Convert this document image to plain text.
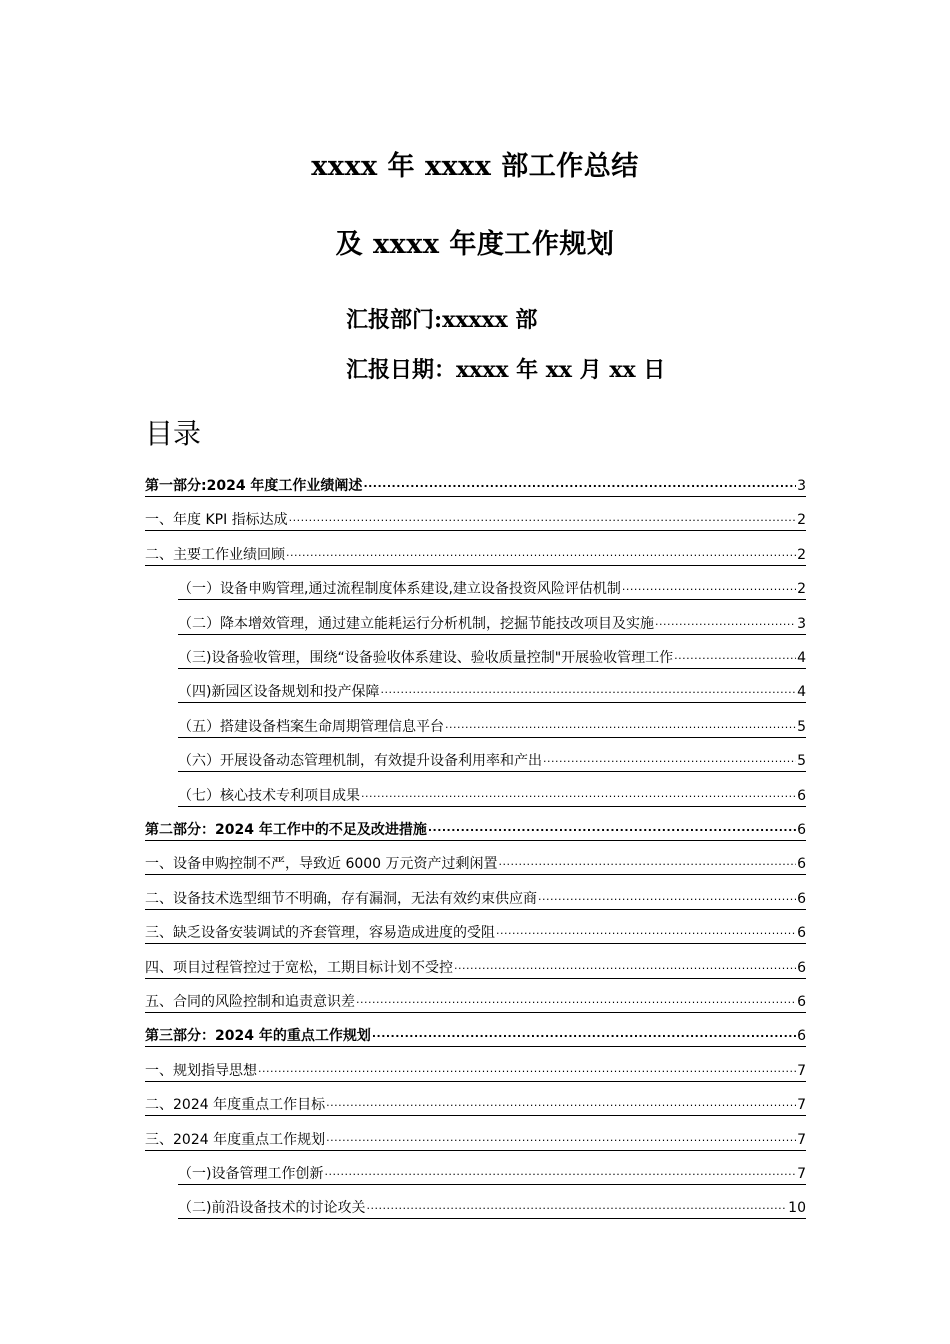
xxxx 年 xxxx 部工作总结
及 xxxx 年度工作规划
汇报部门:xxxxx 部
汇报日期：xxxx 年 xx 月 xx 日
目录
第一部分:2024 年度工作业绩阐述 .....	3
一、年度 KPI 指标达成 .....	2
二、主要工作业绩回顾 .....	2
（一）设备申购管理,通过流程制度体系建设,建立设备投资风险评估机制 .....	2
（二）降本增效管理，通过建立能耗运行分析机制，挖掘节能技改项目及实施 .....	3
（三)设备验收管理，围绕“设备验收体系建设、验收质量控制"开展验收管理工作 .....	4
（四)新园区设备规划和投产保障 .....	4
（五）搭建设备档案生命周期管理信息平台 .....	5
（六）开展设备动态管理机制，有效提升设备利用率和产出 .....	5
（七）核心技术专利项目成果 .....	6
第二部分：2024 年工作中的不足及改进措施 .....	6
一、设备申购控制不严，导致近 6000 万元资产过剩闲置 .....	6
二、设备技术选型细节不明确，存有漏洞，无法有效约束供应商 .....	6
三、缺乏设备安装调试的齐套管理，容易造成进度的受阻 .....	6
四、项目过程管控过于宽松，工期目标计划不受控 .....	6
五、合同的风险控制和追责意识差 .....	6
第三部分：2024 年的重点工作规划 .....	6
一、规划指导思想 .....	7
二、2024 年度重点工作目标 .....	7
三、2024 年度重点工作规划 .....	7
（一)设备管理工作创新 .....	7
（二)前沿设备技术的讨论攻关 .....	10
